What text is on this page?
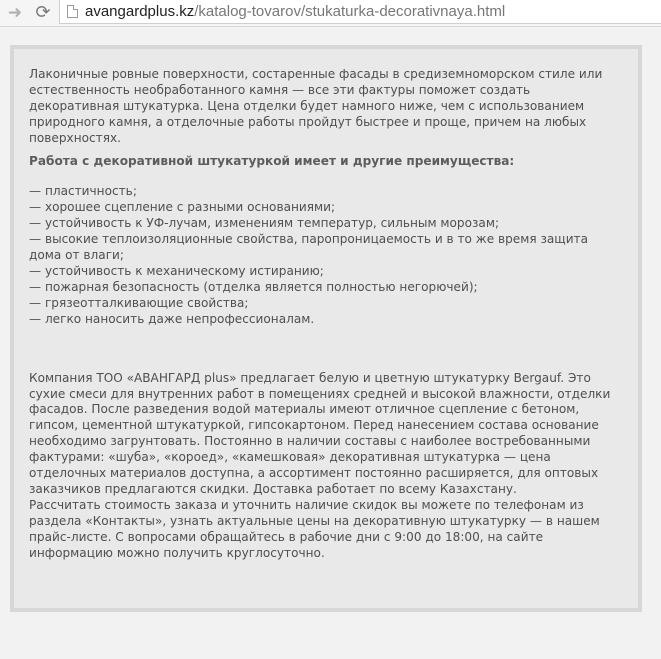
➜ ⟳ avangardplus.kz /katalog-tovarov/stukaturka-decorativnaya.html

Лаконичные ровные поверхности, состаренные фасады в средиземноморском стиле или естественность необработанного камня — все эти фактуры поможет создать декоративная штукатурка. Цена отделки будет намного ниже, чем с использованием природного камня, а отделочные работы пройдут быстрее и проще, причем на любых поверхностях.

Работа с декоративной штукатуркой имеет и другие преимущества:

— пластичность;
— хорошее сцепление с разными основаниями;
— устойчивость к УФ-лучам, изменениям температур, сильным морозам;
— высокие теплоизоляционные свойства, паропроницаемость и в то же время защита дома от влаги;
— устойчивость к механическому истиранию;
— пожарная безопасность (отделка является полностью негорючей);
— грязеотталкивающие свойства;
— легко наносить даже непрофессионалам.

Компания ТОО «АВАНГАРД plus» предлагает белую и цветную штукатурку Bergauf. Это сухие смеси для внутренних работ в помещениях средней и высокой влажности, отделки фасадов. После разведения водой материалы имеют отличное сцепление с бетоном, гипсом, цементной штукатуркой, гипсокартоном. Перед нанесением состава основание необходимо загрунтовать. Постоянно в наличии составы с наиболее востребованными фактурами: «шуба», «короед», «камешковая» декоративная штукатурка — цена отделочных материалов доступна, а ассортимент постоянно расширяется, для оптовых заказчиков предлагаются скидки. Доставка работает по всему Казахстану.

Рассчитать стоимость заказа и уточнить наличие скидок вы можете по телефонам из раздела «Контакты», узнать актуальные цены на декоративную штукатурку — в нашем прайс-листе. С вопросами обращайтесь в рабочие дни с 9:00 до 18:00, на сайте информацию можно получить круглосуточно.
